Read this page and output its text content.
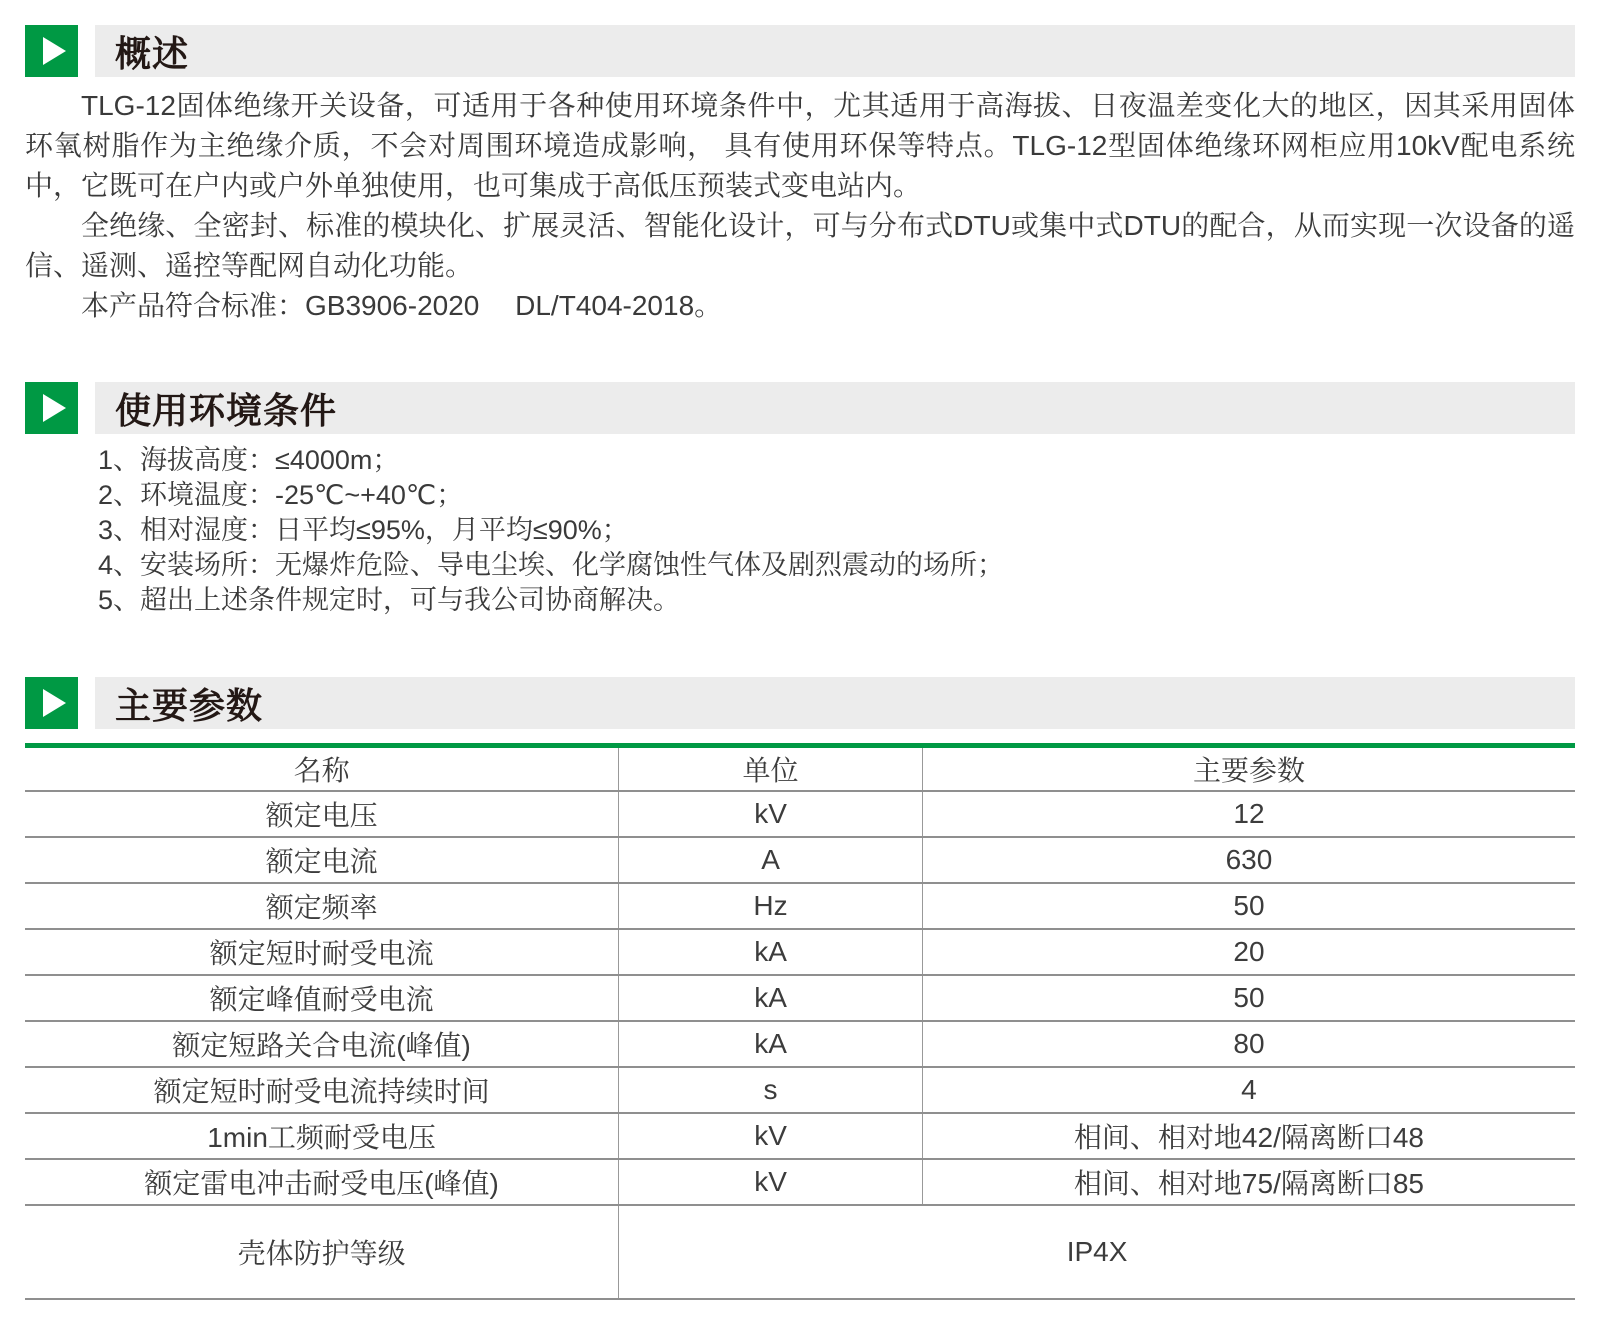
概述

TLG-12固体绝缘开关设备，可适用于各种使用环境条件中，尤其适用于高海拔、日夜温差变化大的地区，因其采用固体环氧树脂作为主绝缘介质，不会对周围环境造成影响， 具有使用环保等特点。TLG-12型固体绝缘环网柜应用10kV配电系统中，它既可在户内或户外单独使用，也可集成于高低压预装式变电站内。

全绝缘、全密封、标准的模块化、扩展灵活、智能化设计，可与分布式DTU或集中式DTU的配合，从而实现一次设备的遥信、遥测、遥控等配网自动化功能。

本产品符合标准：GB3906-2020　 DL/T404-2018。

使用环境条件
1、海拔高度：≤4000m；
2、环境温度：-25℃~+40℃；
3、相对湿度：日平均≤95%，月平均≤90%；
4、安装场所：无爆炸危险、导电尘埃、化学腐蚀性气体及剧烈震动的场所；
5、超出上述条件规定时，可与我公司协商解决。
主要参数
名称	单位	主要参数
额定电压	kV	12
额定电流	A	630
额定频率	Hz	50
额定短时耐受电流	kA	20
额定峰值耐受电流	kA	50
额定短路关合电流(峰值)	kA	80
额定短时耐受电流持续时间	s	4
1min工频耐受电压	kV	相间、相对地42/隔离断口48
额定雷电冲击耐受电压(峰值)	kV	相间、相对地75/隔离断口85
壳体防护等级	IP4X	
